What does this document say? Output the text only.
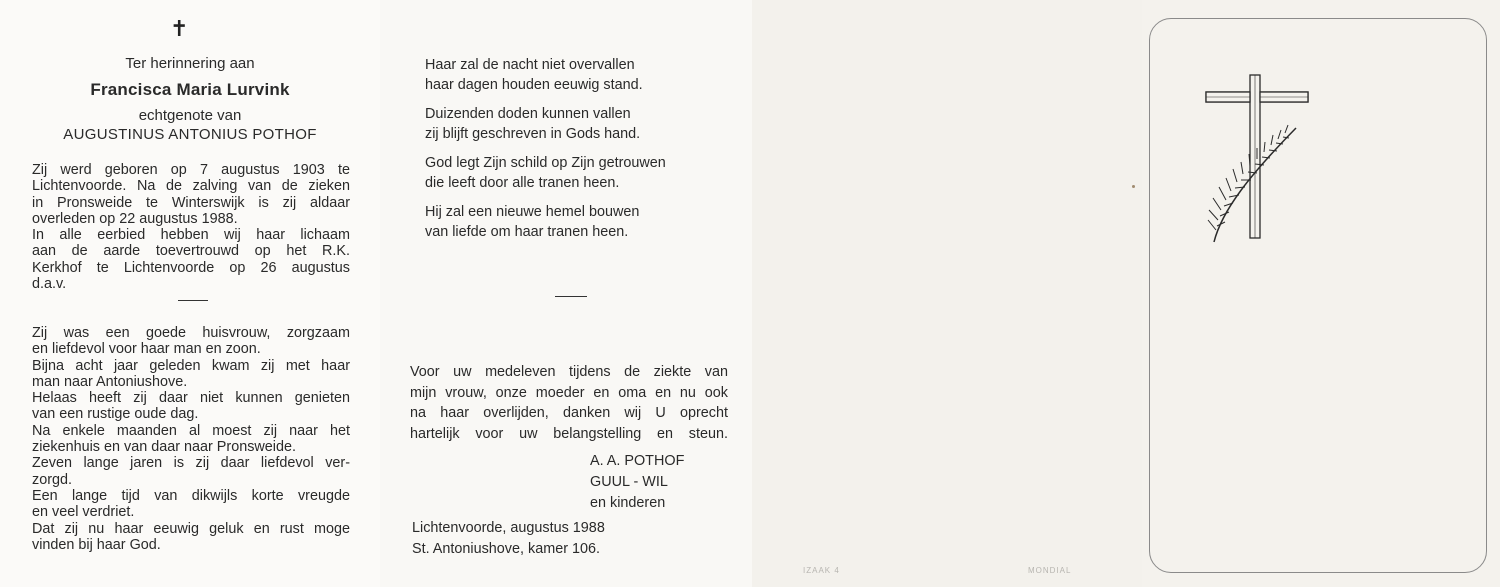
✝
Ter herinnering aan
Francisca Maria Lurvink
echtgenote van
AUGUSTINUS ANTONIUS POTHOF

Zij werd geboren op 7 augustus 1903 te
Lichtenvoorde. Na de zalving van de zieken
in Pronsweide te Winterswijk is zij aldaar
overleden op 22 augustus 1988.
In alle eerbied hebben wij haar lichaam
aan de aarde toevertrouwd op het R.K.
Kerkhof te Lichtenvoorde op 26 augustus
d.a.v.

Zij was een goede huisvrouw, zorgzaam
en liefdevol voor haar man en zoon.
Bijna acht jaar geleden kwam zij met haar
man naar Antoniushove.
Helaas heeft zij daar niet kunnen genieten
van een rustige oude dag.
Na enkele maanden al moest zij naar het
ziekenhuis en van daar naar Pronsweide.
Zeven lange jaren is zij daar liefdevol ver-
zorgd.
Een lange tijd van dikwijls korte vreugde
en veel verdriet.
Dat zij nu haar eeuwig geluk en rust moge
vinden bij haar God.

Haar zal de nacht niet overvallen
haar dagen houden eeuwig stand.

Duizenden doden kunnen vallen
zij blijft geschreven in Gods hand.

God legt Zijn schild op Zijn getrouwen
die leeft door alle tranen heen.

Hij zal een nieuwe hemel bouwen
van liefde om haar tranen heen.

Voor uw medeleven tijdens de ziekte van
mijn vrouw, onze moeder en oma en nu ook
na haar overlijden, danken wij U oprecht
hartelijk voor uw belangstelling en steun.

A. A. POTHOF
GUUL - WIL
en kinderen
Lichtenvoorde, augustus 1988
St. Antoniushove, kamer 106.
IZAAK 4	MONDIAL
